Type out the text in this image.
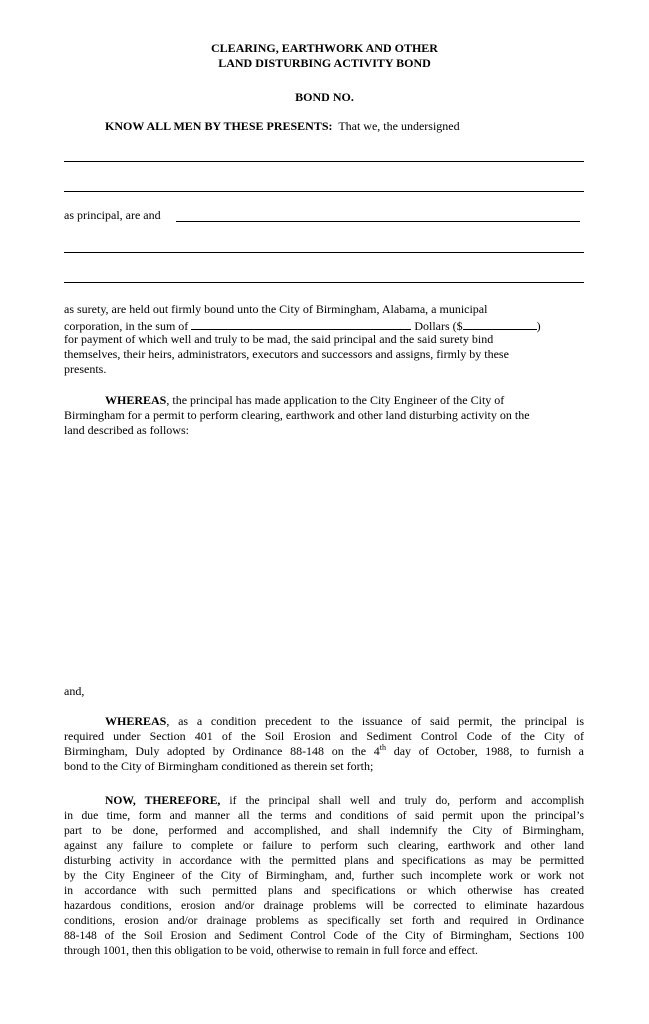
CLEARING, EARTHWORK AND OTHER
LAND DISTURBING ACTIVITY BOND
BOND NO.
KNOW ALL MEN BY THESE PRESENTS: That we, the undersigned
as principal, are and
as surety, are held out firmly bound unto the City of Birmingham, Alabama, a municipal
corporation, in the sum of	Dollars ($	)
for payment of which well and truly to be mad, the said principal and the said surety bind
themselves, their heirs, administrators, executors and successors and assigns, firmly by these
presents.
WHEREAS, the principal has made application to the City Engineer of the City of
Birmingham for a permit to perform clearing, earthwork and other land disturbing activity on the
land described as follows:
and,
WHEREAS, as a condition precedent to the issuance of said permit, the principal is
required under Section 401 of the Soil Erosion and Sediment Control Code of the City of
Birmingham, Duly adopted by Ordinance 88-148 on the 4th day of October, 1988, to furnish a
bond to the City of Birmingham conditioned as therein set forth;
NOW, THEREFORE, if the principal shall well and truly do, perform and accomplish
in due time, form and manner all the terms and conditions of said permit upon the principal’s
part to be done, performed and accomplished, and shall indemnify the City of Birmingham,
against any failure to complete or failure to perform such clearing, earthwork and other land
disturbing activity in accordance with the permitted plans and specifications as may be permitted
by the City Engineer of the City of Birmingham, and, further such incomplete work or work not
in accordance with such permitted plans and specifications or which otherwise has created
hazardous conditions, erosion and/or drainage problems will be corrected to eliminate hazardous
conditions, erosion and/or drainage problems as specifically set forth and required in Ordinance
88-148 of the Soil Erosion and Sediment Control Code of the City of Birmingham, Sections 100
through 1001, then this obligation to be void, otherwise to remain in full force and effect.
